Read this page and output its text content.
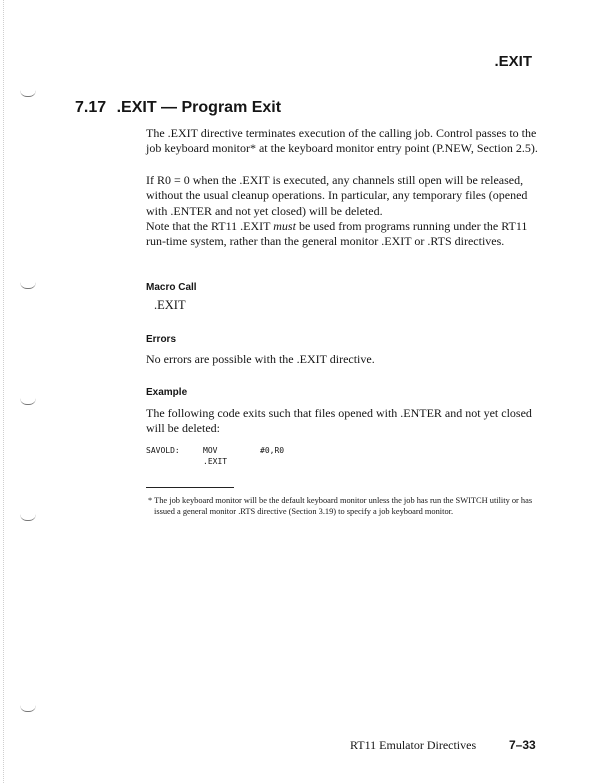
.EXIT
7.17 .EXIT — Program Exit

The .EXIT directive terminates execution of the calling job. Control passes to the job keyboard monitor* at the keyboard monitor entry point (P.NEW, Section 2.5).

If R0 = 0 when the .EXIT is executed, any channels still open will be released, without the usual cleanup operations. In particular, any temporary files (opened with .ENTER and not yet closed) will be deleted.

Note that the RT11 .EXIT must be used from programs running under the RT11 run-time system, rather than the general monitor .EXIT or .RTS directives.

Macro Call
.EXIT
Errors
No errors are possible with the .EXIT directive.
Example
The following code exits such that files opened with .ENTER and not yet closed will be deleted:

SAVOLD:

	MOV

	#0,R0

.EXIT

* The job keyboard monitor will be the default keyboard monitor unless the job has run the SWITCH utility or has issued a general monitor .RTS directive (Section 3.19) to specify a job keyboard monitor.
RT11 Emulator Directives	7–33
